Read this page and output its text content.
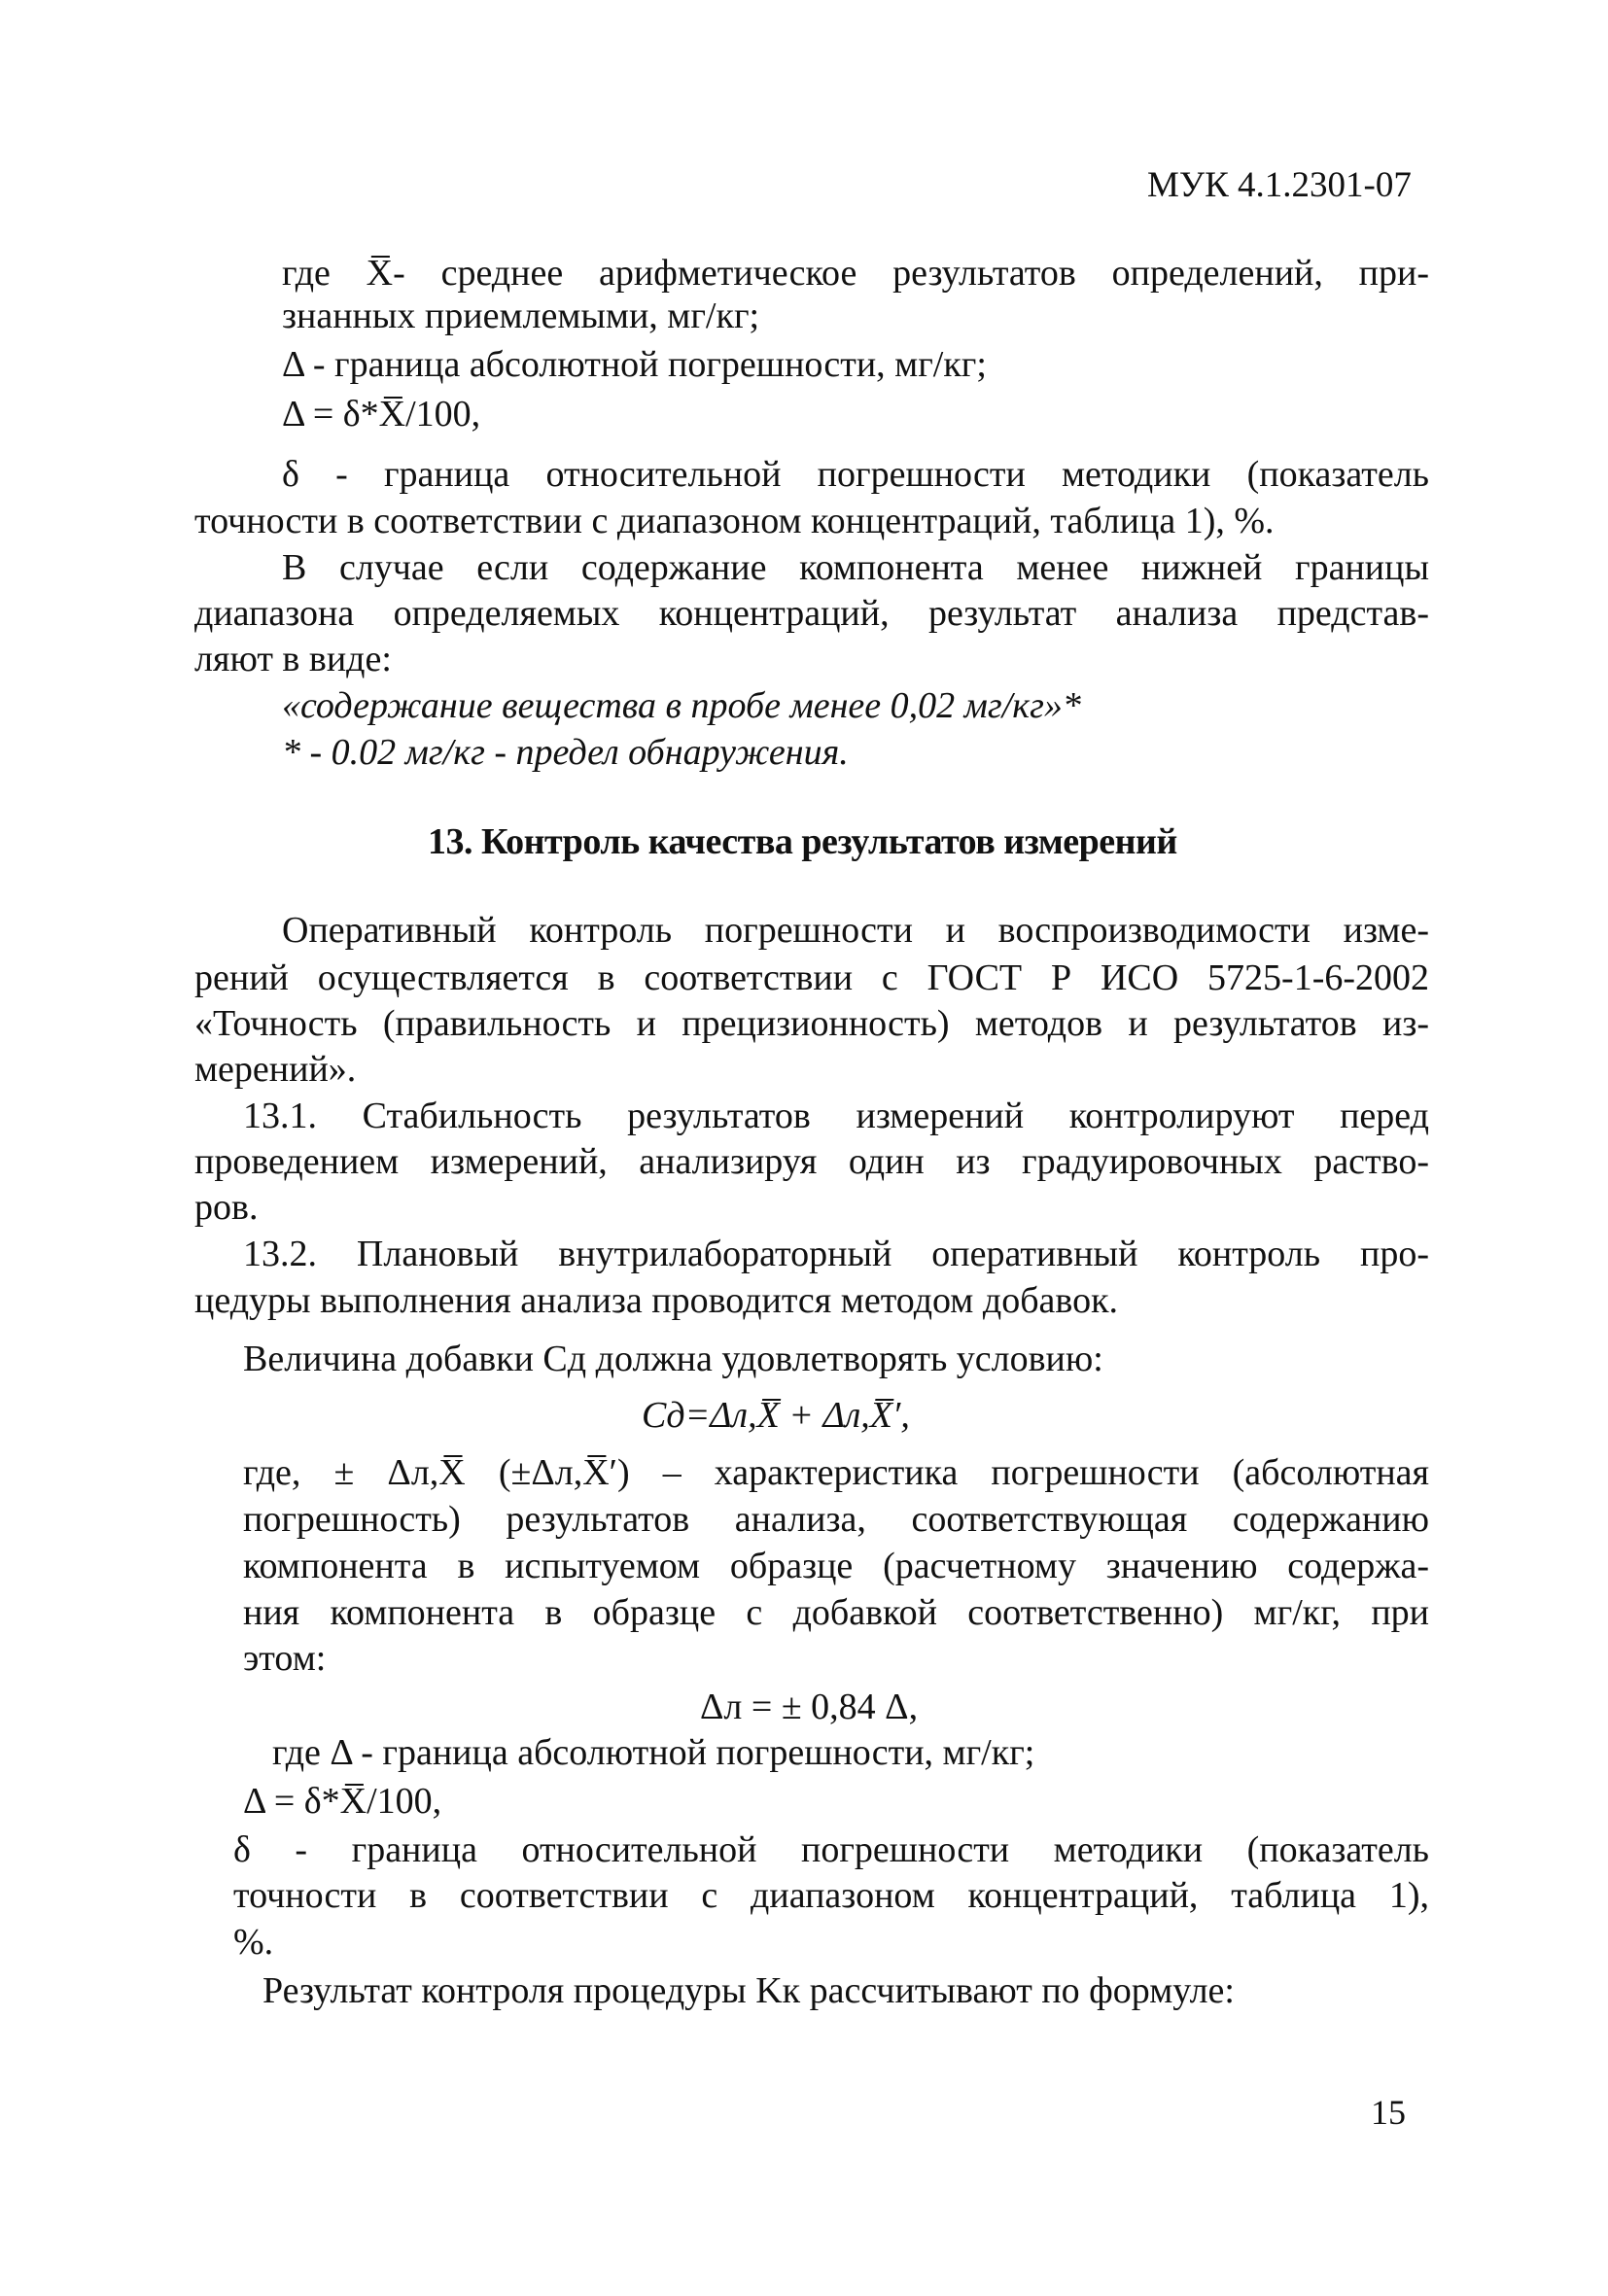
МУК 4.1.2301-07
где X̅- среднее арифметическое результатов определений, при-
знанных приемлемыми, мг/кг;
Δ - граница абсолютной погрешности, мг/кг;
Δ = δ*X̅/100,
δ - граница относительной погрешности методики (показатель
точности в соответствии с диапазоном концентраций, таблица 1), %.
В случае если содержание компонента менее нижней границы
диапазона определяемых концентраций, результат анализа представ-
ляют в виде:
«содержание вещества в пробе менее 0,02 мг/кг»*
* - 0.02 мг/кг - предел обнаружения.
13. Контроль качества результатов измерений
Оперативный контроль погрешности и воспроизводимости изме-
рений осуществляется в соответствии с ГОСТ Р ИСО 5725-1-6-2002
«Точность (правильность и прецизионность) методов и результатов из-
мерений».
13.1. Стабильность результатов измерений контролируют перед
проведением измерений, анализируя один из градуировочных раство-
ров.
13.2. Плановый внутрилабораторный оперативный контроль про-
цедуры выполнения анализа проводится методом добавок.
Величина добавки Cд должна удовлетворять условию:
Cд=Δл,X̅ + Δл,X̅′,
где, ± Δл,X̅ (±Δл,X̅′) – характеристика погрешности (абсолютная
погрешность) результатов анализа, соответствующая содержанию
компонента в испытуемом образце (расчетному значению содержа-
ния компонента в образце с добавкой соответственно) мг/кг, при
этом:
Δл = ± 0,84 Δ,
где Δ - граница абсолютной погрешности, мг/кг;
Δ = δ*X̅/100,
δ - граница относительной погрешности методики (показатель
точности в соответствии с диапазоном концентраций, таблица 1),
%.
Результат контроля процедуры Kк рассчитывают по формуле:
15
